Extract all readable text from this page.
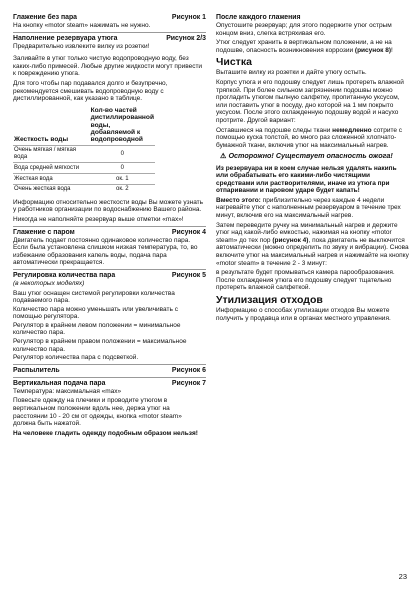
Глажение без пара	Рисунок 1
На кнопку «motor steam» нажимать не нужно.
Наполнение резервуара утюга	Рисунок 2/3
Предварительно извлеките вилку из розетки!
Заливайте в утюг только чистую водопроводную воду, без каких-либо примесей. Любые другие жидкости могут привести к повреждению утюга.
Для того чтобы пар подавался долго и безупречно, рекомендуется смешивать водопроводную воду с дистиллированной, как указано в таблице.
Жесткость воды	Кол-во частей дистиллированной воды, добавляемой к водопроводной
Очень мягкая / мягкая вода	0
Вода средней мягкости	0
Жесткая вода	ок. 1
Очень жесткая вода	ок. 2
Информацию относительно жесткости воды Вы можете узнать у работников организации по водоснабжению Вашего района.
Никогда не наполняйте резервуар выше отметки «max»!
Глажение с паром	Рисунок 4
Двигатель подает постоянно одинаковое количество пара. Если была установлена слишком низкая температура, то, во избежание образования капель воды, подача пара автоматически прекращается.
Регулировка количества пара	Рисунок 5
(в некоторых моделях)
Ваш утюг оснащен системой регулировки количества подаваемого пара.
Количество пара можно уменьшать или увеличивать с помощью регулятора.
Регулятор в крайнем левом положении = минимальное количество пара.
Регулятор в крайнем правом положении = максимальное количество пара.
Регулятор количества пара с подсветкой.
Распылитель	Рисунок 6
Вертикальная подача пара	Рисунок 7
Температура: максимальная «max»
Повесьте одежду на плечики и проводите утюгом в вертикальном положении вдоль нее, держа утюг на расстоянии 10 - 20 см от одежды, кнопка «motor steam» должна быть нажатой.
На человеке гладить одежду подобным образом нельзя!
После каждого глажения
Опустошите резервуар; для этого подержите утюг острым концом вниз, слегка встряхивая его.
Утюг следует хранить в вертикальном положении, а не на подошве, опасность возникновения коррозии (рисунок 8)!
Чистка
Выташите вилку из розетки и дайте утюгу остыть.
Корпус утюга и его подошву следует лишь протереть влажной тряпкой. При более сильном загрязнении подошвы можно прогладить утюгом пылную салфетку, пропитанную уксусом, или поставить утюг в посуду, дно которой на 1 мм покрыто уксусом. После этого охлажденную подошву водой и насухо протрите. Другой вариант:
Оставшиеся на подошве следы ткани немедленно сотрите с помощью куска толстой, во много раз сложенной хлопчато-бумажной ткани, включив утюг на максимальный нагрев.
⚠ Осторожно! Существует опасность ожога!
Из резервуара ни в коем случае нельзя удалять накипь или обрабатывать его какими-либо чистящими средствами или растворителями, иначе из утюга при отпаривании и паровом ударе будет капать!
Вместо этого: приблизительно через каждые 4 недели нагревайте утюг с наполненным резервуаром в течение трех минут, включив его на максимальный нагрев.
Затем переведите ручку на минимальный нагрев и держите утюг над какой-либо емкостью, нажимая на кнопку «motor steam» до тех пор (рисунок 4), пока двигатель не выключится автоматически (можно определить по звуку и вибрации). Снова включите утюг на максимальный нагрев и нажимайте на кнопку «motor steam» в течение 2 - 3 минут:
в результате будет промываться камера парообразования. После охлаждения утюга его подошву следует тщательно протереть влажной салфеткой.
Утилизация отходов
Информацию о способах утилизации отходов Вы можете получить у продавца или в органах местного управления.
23
